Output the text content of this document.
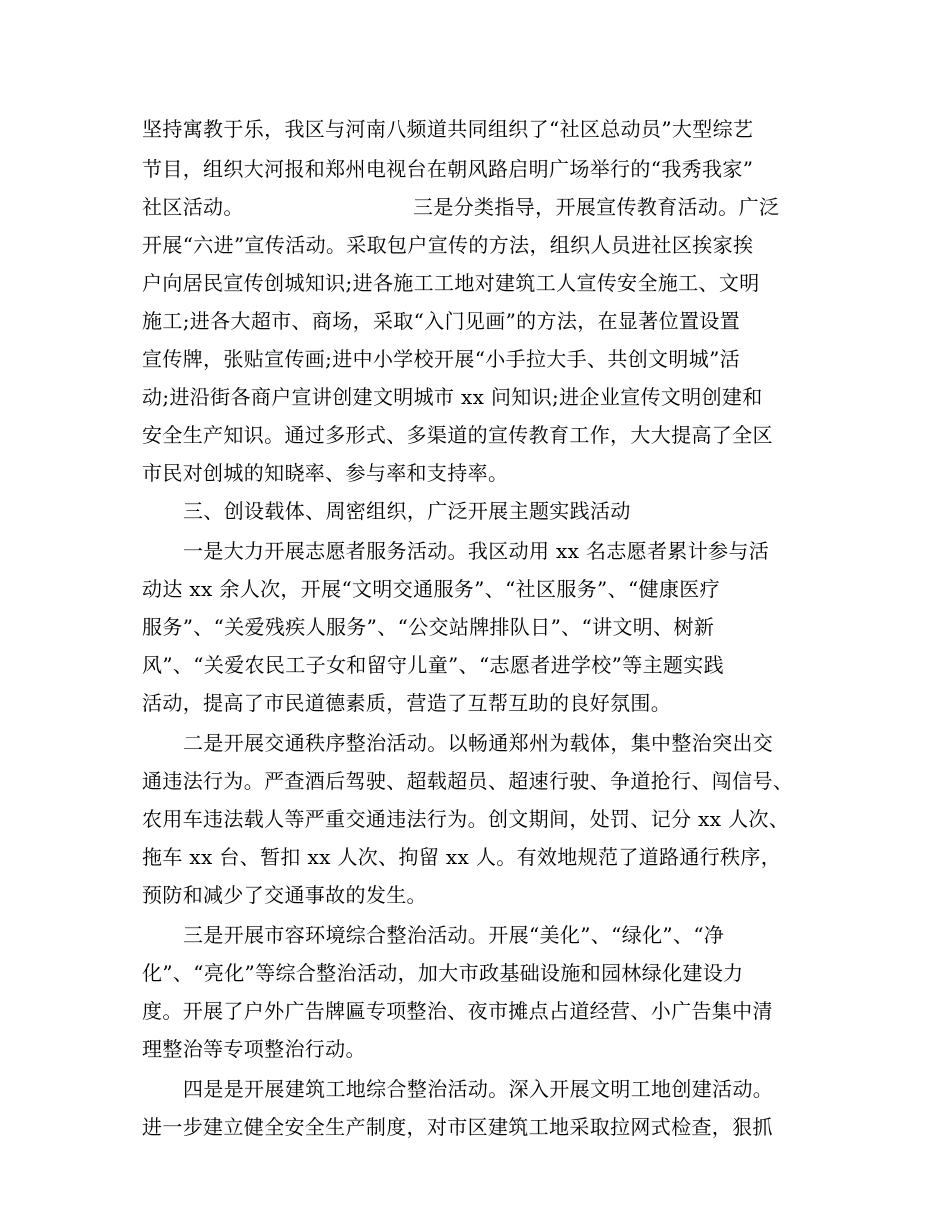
坚持寓教于乐，我区与河南八频道共同组织了“社区总动员”大型综艺
节目，组织大河报和郑州电视台在朝风路启明广场举行的“我秀我家”
社区活动。	三是分类指导，开展宣传教育活动。广泛
开展“六进”宣传活动。采取包户宣传的方法，组织人员进社区挨家挨
户向居民宣传创城知识;进各施工工地对建筑工人宣传安全施工、文明
施工;进各大超市、商场，采取“入门见画”的方法，在显著位置设置
宣传牌，张贴宣传画;进中小学校开展“小手拉大手、共创文明城”活
动;进沿街各商户宣讲创建文明城市 xx 问知识;进企业宣传文明创建和
安全生产知识。通过多形式、多渠道的宣传教育工作，大大提高了全区
市民对创城的知晓率、参与率和支持率。
三、创设载体、周密组织，广泛开展主题实践活动
一是大力开展志愿者服务活动。我区动用 xx 名志愿者累计参与活
动达 xx 余人次，开展“文明交通服务”、“社区服务”、“健康医疗
服务”、“关爱残疾人服务”、“公交站牌排队日”、“讲文明、树新
风”、“关爱农民工子女和留守儿童”、“志愿者进学校”等主题实践
活动，提高了市民道德素质，营造了互帮互助的良好氛围。
二是开展交通秩序整治活动。以畅通郑州为载体，集中整治突出交
通违法行为。严查酒后驾驶、超载超员、超速行驶、争道抢行、闯信号、
农用车违法载人等严重交通违法行为。创文期间，处罚、记分 xx 人次、
拖车 xx 台、暂扣 xx 人次、拘留 xx 人。有效地规范了道路通行秩序，
预防和减少了交通事故的发生。
三是开展市容环境综合整治活动。开展“美化”、“绿化”、“净
化”、“亮化”等综合整治活动，加大市政基础设施和园林绿化建设力
度。开展了户外广告牌匾专项整治、夜市摊点占道经营、小广告集中清
理整治等专项整治行动。
四是是开展建筑工地综合整治活动。深入开展文明工地创建活动。
进一步建立健全安全生产制度，对市区建筑工地采取拉网式检查，狠抓
